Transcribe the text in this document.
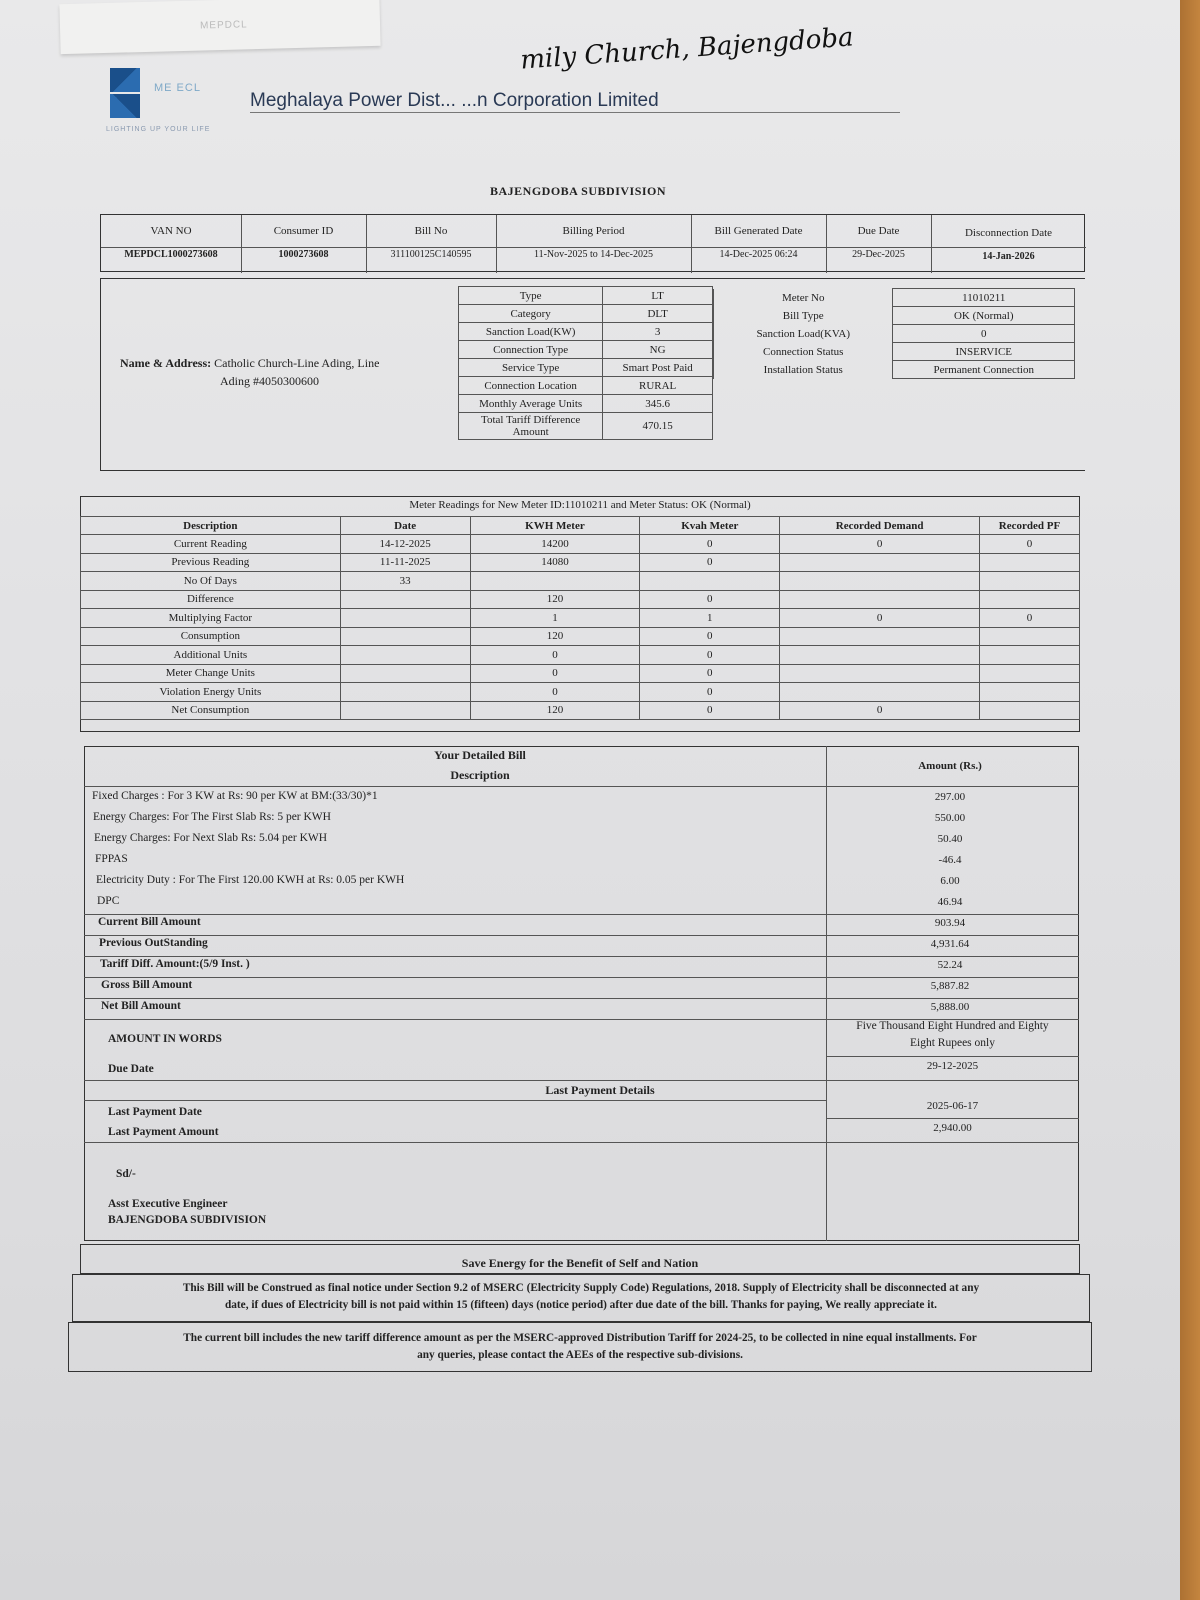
MEPDCL	mily Church, Bajengdoba
ME ECL
Meghalaya Power Dist... ...n Corporation Limited
LIGHTING UP YOUR LIFE
BAJENGDOBA SUBDIVISION
VAN NO	Consumer ID	Bill No	Billing Period	Bill Generated Date	Due Date	Disconnection Date
MEPDCL1000273608	1000273608	311100125C140595	11-Nov-2025 to 14-Dec-2025	14-Dec-2025 06:24	29-Dec-2025	14-Jan-2026
Name & Address: Catholic Church-Line Ading, Line
Ading #4050300600
Type	LT
Category	DLT
Sanction Load(KW)	3
Connection Type	NG
Service Type	Smart Post Paid
Connection Location	RURAL
Monthly Average Units	345.6
Total Tariff Difference Amount	470.15
Meter No	11010211
Bill Type	OK (Normal)
Sanction Load(KVA)	0
Connection Status	INSERVICE
Installation Status	Permanent Connection
Meter Readings for New Meter ID:11010211 and Meter Status: OK (Normal)
Description	Date	KWH Meter	Kvah Meter	Recorded Demand	Recorded PF
Current Reading	14-12-2025	14200	0	0	0
Previous Reading	11-11-2025	14080	0		
No Of Days	33				
Difference		120	0		
Multiplying Factor		1	1	0	0
Consumption		120	0		
Additional Units		0	0		
Meter Change Units		0	0		
Violation Energy Units		0	0		
Net Consumption		120	0	0	
Your Detailed Bill
Description
Amount (Rs.)
AMOUNT IN WORDS
Five Thousand Eight Hundred and Eighty
Eight Rupees only
Due Date	29-12-2025
Last Payment Details
Last Payment Date	2025-06-17
Last Payment Amount	2,940.00
Sd/-
Asst Executive Engineer
BAJENGDOBA SUBDIVISION
Save Energy for the Benefit of Self and Nation
This Bill will be Construed as final notice under Section 9.2 of MSERC (Electricity Supply Code) Regulations, 2018. Supply of Electricity shall be disconnected at any
date, if dues of Electricity bill is not paid within 15 (fifteen) days (notice period) after due date of the bill. Thanks for paying, We really appreciate it.
The current bill includes the new tariff difference amount as per the MSERC-approved Distribution Tariff for 2024-25, to be collected in nine equal installments. For
any queries, please contact the AEEs of the respective sub-divisions.
Fixed Charges : For 3 KW at Rs: 90 per KW at BM:(33/30)*1	297.00
Energy Charges: For The First Slab Rs: 5 per KWH	550.00
Energy Charges: For Next Slab Rs: 5.04 per KWH	50.40
FPPAS	-46.4
Electricity Duty : For The First 120.00 KWH at Rs: 0.05 per KWH	6.00
DPC	46.94
Current Bill Amount	903.94
Previous OutStanding	4,931.64
Tariff Diff. Amount:(5/9 Inst. )	52.24
Gross Bill Amount	5,887.82
Net Bill Amount	5,888.00
